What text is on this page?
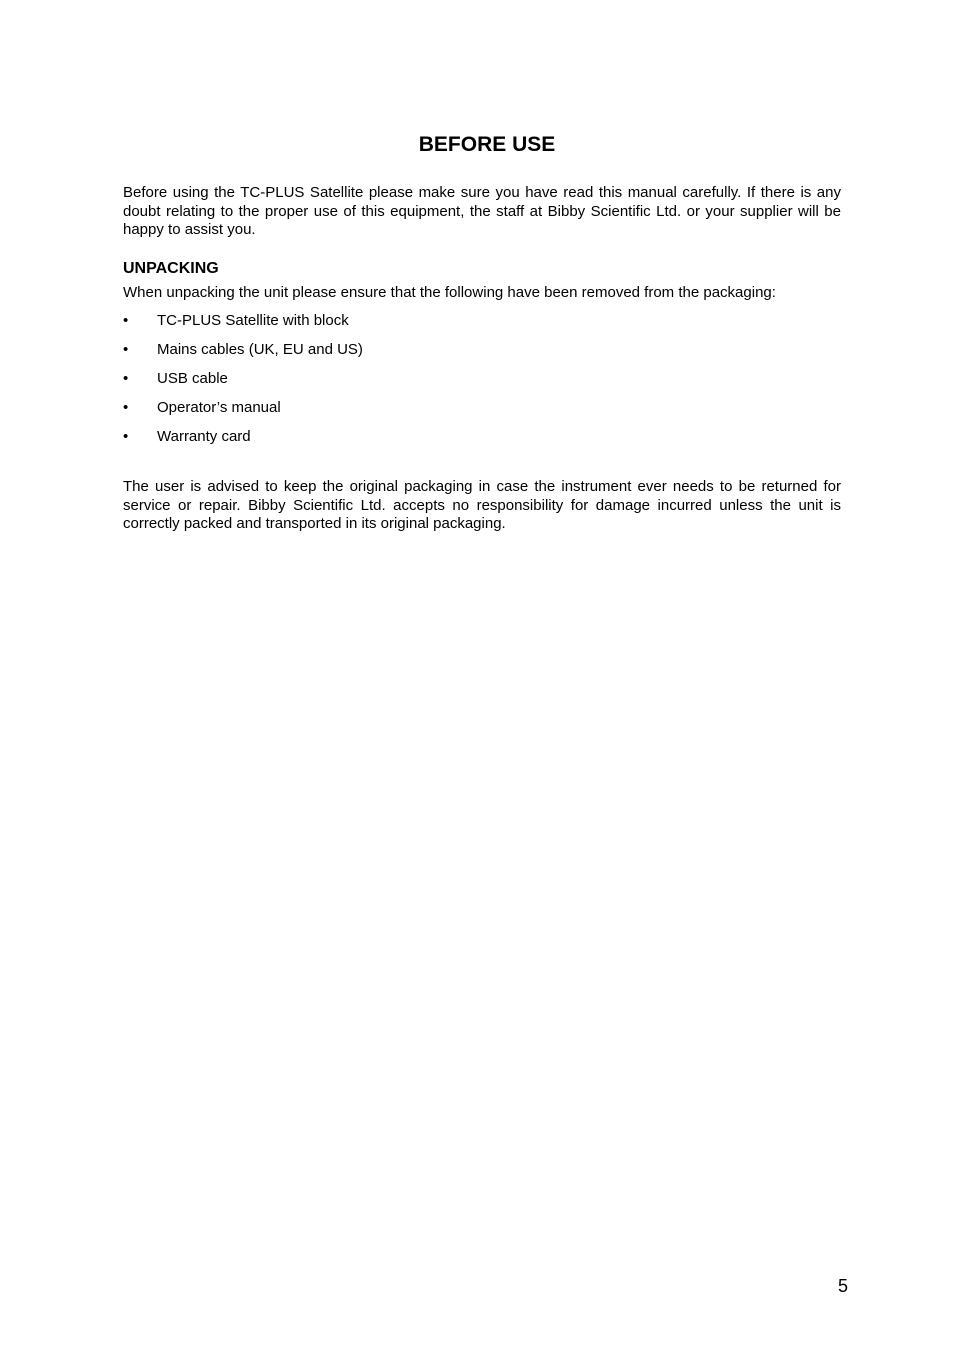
BEFORE USE

Before using the TC-PLUS Satellite please make sure you have read this manual carefully. If there is any doubt relating to the proper use of this equipment, the staff at Bibby Scientific Ltd. or your supplier will be happy to assist you.

UNPACKING

When unpacking the unit please ensure that the following have been removed from the packaging:

• TC-PLUS Satellite with block
• Mains cables (UK, EU and US)
• USB cable
• Operator’s manual
• Warranty card

The user is advised to keep the original packaging in case the instrument ever needs to be returned for service or repair. Bibby Scientific Ltd. accepts no responsibility for damage incurred unless the unit is correctly packed and transported in its original packaging.

5
